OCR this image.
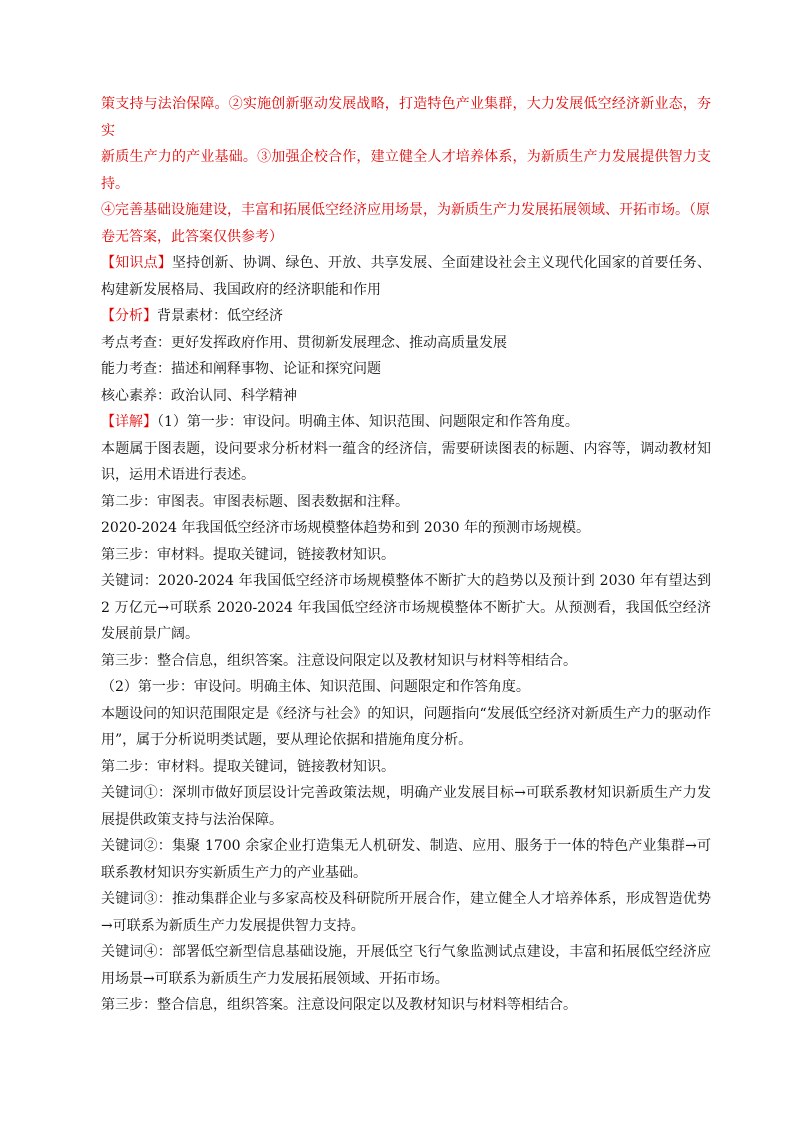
策支持与法治保障。②实施创新驱动发展战略，打造特色产业集群，大力发展低空经济新业态，夯实

新质生产力的产业基础。③加强企校合作，建立健全人才培养体系，为新质生产力发展提供智力支持。

④完善基础设施建设，丰富和拓展低空经济应用场景，为新质生产力发展拓展领域、开拓市场。（原

卷无答案，此答案仅供参考）

【知识点】坚持创新、协调、绿色、开放、共享发展、全面建设社会主义现代化国家的首要任务、构建新发展格局、我国政府的经济职能和作用

【分析】背景素材：低空经济

考点考查：更好发挥政府作用、贯彻新发展理念、推动高质量发展

能力考查：描述和阐释事物、论证和探究问题

核心素养：政治认同、科学精神

【详解】（1）第一步：审设问。明确主体、知识范围、问题限定和作答角度。

本题属于图表题，设问要求分析材料一蕴含的经济信，需要研读图表的标题、内容等，调动教材知识，运用术语进行表述。

第二步：审图表。审图表标题、图表数据和注释。

2020-2024 年我国低空经济市场规模整体趋势和到 2030 年的预测市场规模。

第三步：审材料。提取关键词，链接教材知识。

关键词：2020-2024 年我国低空经济市场规模整体不断扩大的趋势以及预计到 2030 年有望达到 2 万亿元→可联系 2020-2024 年我国低空经济市场规模整体不断扩大。从预测看，我国低空经济发展前景广阔。

第三步：整合信息，组织答案。注意设问限定以及教材知识与材料等相结合。

（2）第一步：审设问。明确主体、知识范围、问题限定和作答角度。

本题设问的知识范围限定是《经济与社会》的知识，问题指向“发展低空经济对新质生产力的驱动作用”，属于分析说明类试题，要从理论依据和措施角度分析。

第二步：审材料。提取关键词，链接教材知识。

关键词①：深圳市做好顶层设计完善政策法规，明确产业发展目标→可联系教材知识新质生产力发展提供政策支持与法治保障。

关键词②：集聚 1700 余家企业打造集无人机研发、制造、应用、服务于一体的特色产业集群→可联系教材知识夯实新质生产力的产业基础。

关键词③：推动集群企业与多家高校及科研院所开展合作，建立健全人才培养体系，形成智造优势→可联系为新质生产力发展提供智力支持。

关键词④：部署低空新型信息基础设施，开展低空飞行气象监测试点建设，丰富和拓展低空经济应用场景→可联系为新质生产力发展拓展领域、开拓市场。

第三步：整合信息，组织答案。注意设问限定以及教材知识与材料等相结合。
